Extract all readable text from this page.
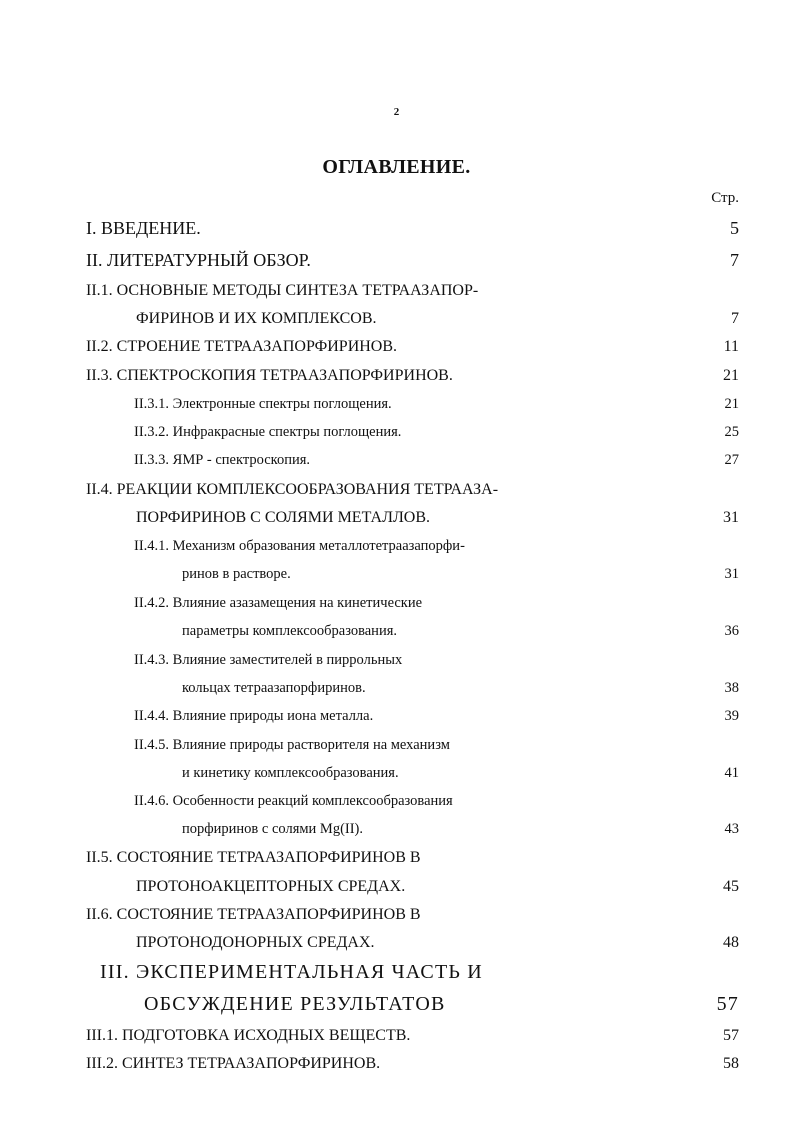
2
ОГЛАВЛЕНИЕ.
Стр.
I. ВВЕДЕНИЕ.	5
II. ЛИТЕРАТУРНЫЙ ОБЗОР.	7
II.1. ОСНОВНЫЕ МЕТОДЫ СИНТЕЗА ТЕТРААЗАПОР-
ФИРИНОВ И ИХ КОМПЛЕКСОВ.	7
II.2. СТРОЕНИЕ ТЕТРААЗАПОРФИРИНОВ.	11
II.3. СПЕКТРОСКОПИЯ ТЕТРААЗАПОРФИРИНОВ.	21
II.3.1. Электронные спектры поглощения.	21
II.3.2. Инфракрасные спектры поглощения.	25
II.3.3. ЯМР - спектроскопия.	27
II.4. РЕАКЦИИ КОМПЛЕКСООБРАЗОВАНИЯ ТЕТРААЗА-
ПОРФИРИНОВ С СОЛЯМИ МЕТАЛЛОВ.	31
II.4.1. Механизм образования металлотетраазапорфи-
ринов в растворе.	31
II.4.2. Влияние азазамещения на кинетические
параметры комплексообразования.	36
II.4.3. Влияние заместителей в пиррольных
кольцах тетраазапорфиринов.	38
II.4.4. Влияние природы иона металла.	39
II.4.5. Влияние природы растворителя на механизм
и кинетику комплексообразования.	41
II.4.6. Особенности реакций комплексообразования
порфиринов с солями Mg(II).	43
II.5. СОСТОЯНИЕ ТЕТРААЗАПОРФИРИНОВ В
ПРОТОНОАКЦЕПТОРНЫХ СРЕДАХ.	45
II.6. СОСТОЯНИЕ ТЕТРААЗАПОРФИРИНОВ В
ПРОТОНОДОНОРНЫХ СРЕДАХ.	48
III. ЭКСПЕРИМЕНТАЛЬНАЯ ЧАСТЬ И
ОБСУЖДЕНИЕ РЕЗУЛЬТАТОВ	57
III.1. ПОДГОТОВКА ИСХОДНЫХ ВЕЩЕСТВ.	57
III.2. СИНТЕЗ ТЕТРААЗАПОРФИРИНОВ.	58
